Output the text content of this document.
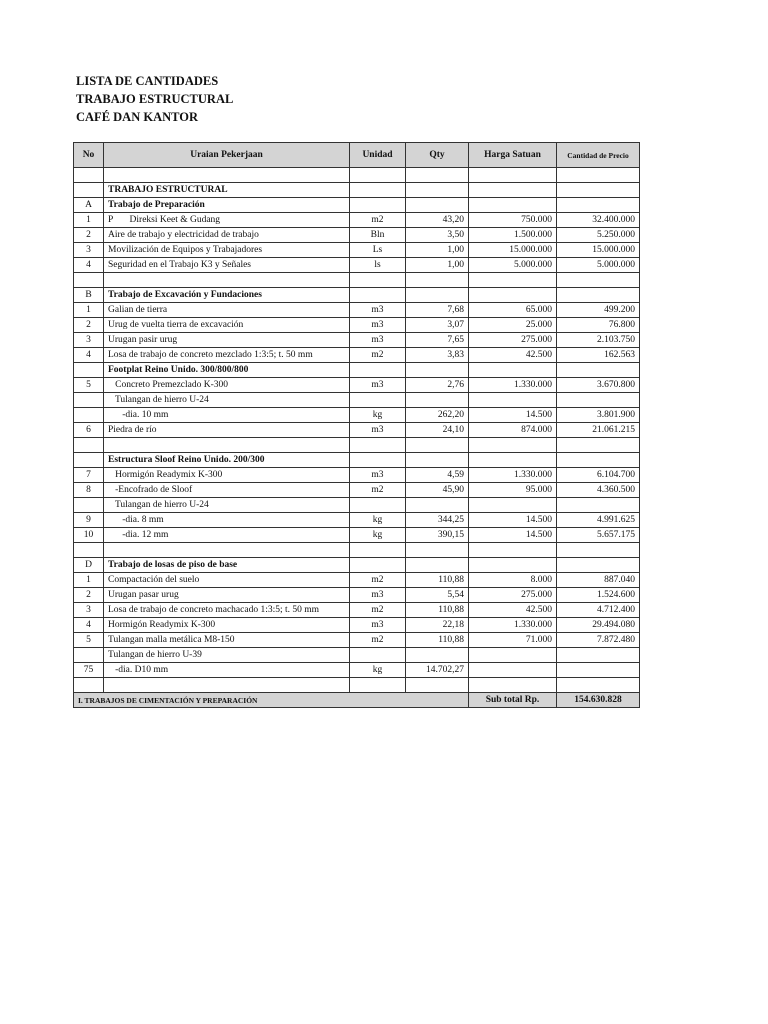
LISTA DE CANTIDADES
TRABAJO ESTRUCTURAL
CAFÉ DAN KANTOR
No	Uraian Pekerjaan	Unidad	Qty	Harga Satuan	Cantidad de Precio

	TRABAJO ESTRUCTURAL				
A	Trabajo de Preparación				
1	P       Direksi Keet & Gudang	m2	43,20	750.000	32.400.000
2	Aire de trabajo y electricidad de trabajo	Bln	3,50	1.500.000	5.250.000
3	Movilización de Equipos y Trabajadores	Ls	1,00	15.000.000	15.000.000
4	Seguridad en el Trabajo K3 y Señales	ls	1,00	5.000.000	5.000.000

B	Trabajo de Excavación y Fundaciones				
1	Galian de tierra	m3	7,68	65.000	499.200
2	Urug de vuelta tierra de excavación	m3	3,07	25.000	76.800
3	Urugan pasir urug	m3	7,65	275.000	2.103.750
4	Losa de trabajo de concreto mezclado 1:3:5; t. 50 mm	m2	3,83	42.500	162.563
	Footplat Reino Unido. 300/800/800				
5	Concreto Premezclado K-300	m3	2,76	1.330.000	3.670.800
	Tulangan de hierro U-24				
	-dia. 10 mm	kg	262,20	14.500	3.801.900
6	Piedra de río	m3	24,10	874.000	21.061.215

	Estructura Sloof Reino Unido. 200/300				
7	Hormigón Readymix K-300	m3	4,59	1.330.000	6.104.700
8	-Encofrado de Sloof	m2	45,90	95.000	4.360.500
	Tulangan de hierro U-24				
9	-dia. 8 mm	kg	344,25	14.500	4.991.625
10	-dia. 12 mm	kg	390,15	14.500	5.657.175

D	Trabajo de losas de piso de base				
1	Compactación del suelo	m2	110,88	8.000	887.040
2	Urugan pasar urug	m3	5,54	275.000	1.524.600
3	Losa de trabajo de concreto machacado 1:3:5; t. 50 mm	m2	110,88	42.500	4.712.400
4	Hormigón Readymix K-300	m3	22,18	1.330.000	29.494.080
5	Tulangan malla metálica M8-150	m2	110,88	71.000	7.872.480
	Tulangan de hierro U-39				
75	-dia. D10 mm	kg	14.702,27		

I. TRABAJOS DE CIMENTACIÓN Y PREPARACIÓN				Sub total Rp.	154.630.828
